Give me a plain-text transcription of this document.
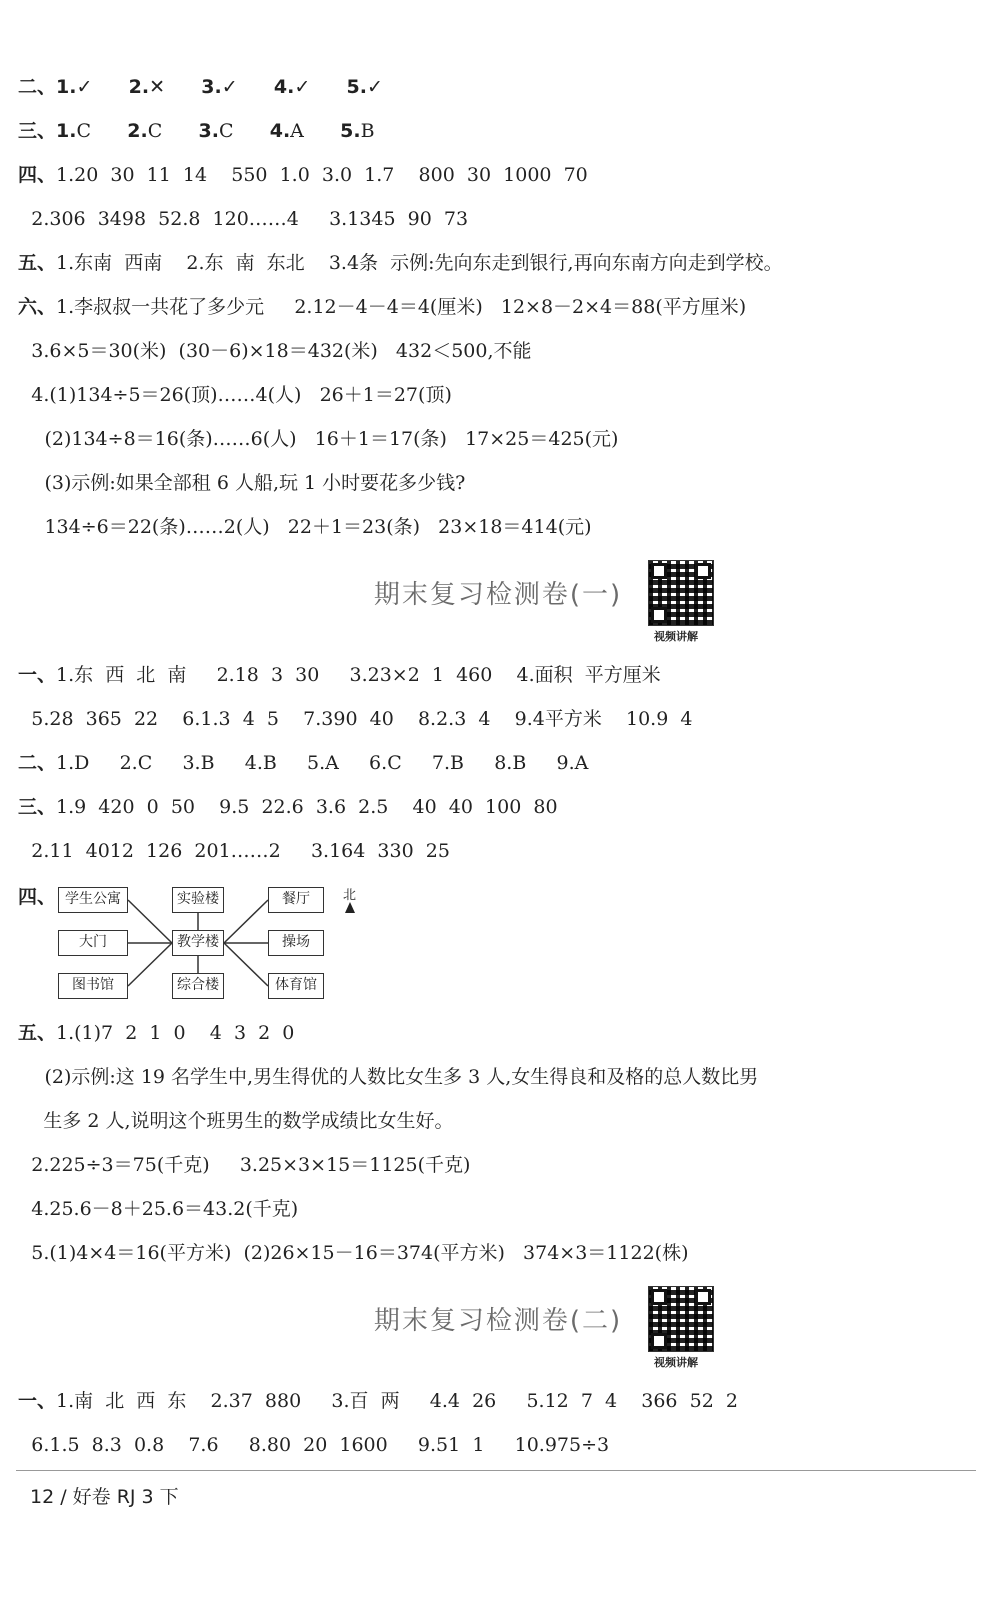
二、1.✓      2.✕      3.✓      4.✓      5.✓
三、1.C      2.C      3.C      4.A      5.B
四、1.20  30  11  14    550  1.0  3.0  1.7    800  30  1000  70
2.306  3498  52.8  120……4     3.1345  90  73
五、1.东南  西南    2.东  南  东北    3.4条  示例:先向东走到银行,再向东南方向走到学校。
六、1.李叔叔一共花了多少元     2.12－4－4＝4(厘米)   12×8－2×4＝88(平方厘米)
3.6×5＝30(米)  (30－6)×18＝432(米)   432＜500,不能
4.(1)134÷5＝26(顶)……4(人)   26＋1＝27(顶)
(2)134÷8＝16(条)……6(人)   16＋1＝17(条)   17×25＝425(元)
(3)示例:如果全部租 6 人船,玩 1 小时要花多少钱?
134÷6＝22(条)……2(人)   22＋1＝23(条)   23×18＝414(元)
一、1.东  西  北  南     2.18  3  30     3.23×2  1  460    4.面积  平方厘米
5.28  365  22    6.1.3  4  5    7.390  40    8.2.3  4    9.4平方米    10.9  4
二、1.D     2.C     3.B     4.B     5.A     6.C     7.B     8.B     9.A
三、1.9  420  0  50    9.5  22.6  3.6  2.5    40  40  100  80
2.11  4012  126  201……2     3.164  330  25
五、1.(1)7  2  1  0    4  3  2  0
(2)示例:这 19 名学生中,男生得优的人数比女生多 3 人,女生得良和及格的总人数比男
生多 2 人,说明这个班男生的数学成绩比女生好。
2.225÷3＝75(千克)     3.25×3×15＝1125(千克)
4.25.6－8＋25.6＝43.2(千克)
5.(1)4×4＝16(平方米)  (2)26×15－16＝374(平方米)   374×3＝1122(株)
一、1.南  北  西  东    2.37  880     3.百  两     4.4  26     5.12  7  4    366  52  2
6.1.5  8.3  0.8    7.6     8.80  20  1600     9.51  1     10.975÷3
期末复习检测卷(一)
视频讲解
期末复习检测卷(二)
视频讲解
四、 学生公寓
大门
图书馆
实验楼
教学楼
综合楼
餐厅
操场
体育馆
北
12 / 好卷 RJ 3 下
